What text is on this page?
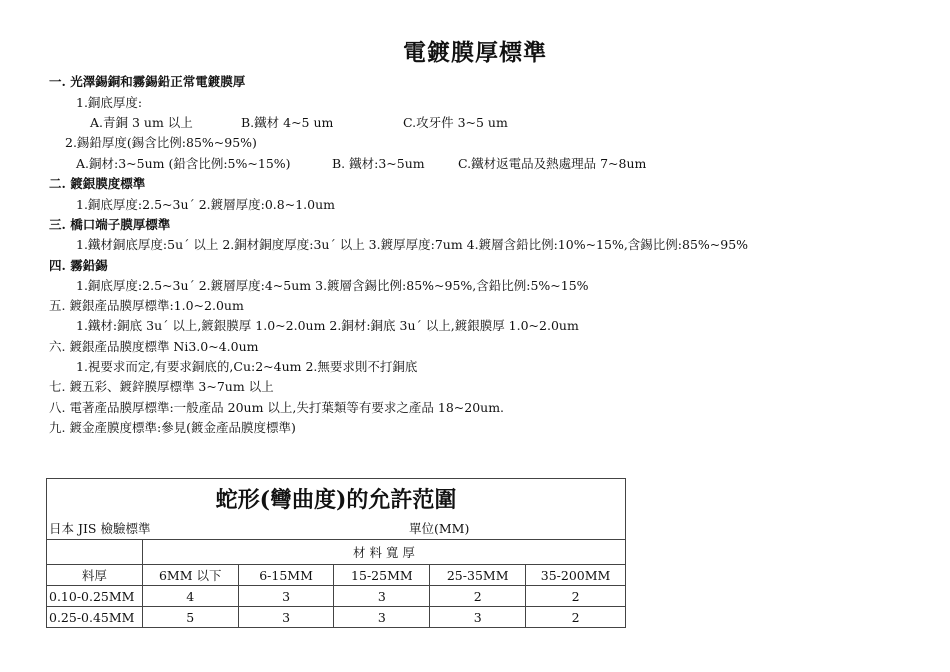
電鍍膜厚標準
一. 光澤錫銅和霧錫鉛正常電鍍膜厚
1.銅底厚度:
A.青銅 3 um 以上	B.鐵材 4~5 um	C.攻牙件 3~5 um
2.錫鉛厚度(錫含比例:85%~95%)
A.銅材:3~5um (鉛含比例:5%~15%)	B. 鐵材:3~5um	C.鐵材返電品及熱處理品 7~8um
二. 鍍銀膜度標準
1.銅底厚度:2.5~3uˊ 2.鍍層厚度:0.8~1.0um
三. 橋口端子膜厚標準
1.鐵材銅底厚度:5uˊ 以上 2.銅材銅度厚度:3uˊ 以上 3.鍍厚厚度:7um 4.鍍層含鉛比例:10%~15%,含錫比例:85%~95%
四. 霧鉛錫
1.銅底厚度:2.5~3uˊ 2.鍍層厚度:4~5um 3.鍍層含錫比例:85%~95%,含鉛比例:5%~15%
五. 鍍銀產品膜厚標準:1.0~2.0um
1.鐵材:銅底 3uˊ 以上,鍍銀膜厚 1.0~2.0um 2.銅材:銅底 3uˊ 以上,鍍銀膜厚 1.0~2.0um
六. 鍍銀產品膜度標準 Ni3.0~4.0um
1.視要求而定,有要求銅底的,Cu:2~4um 2.無要求則不打銅底
七. 鍍五彩、鍍鋅膜厚標準 3~7um 以上
八. 電著產品膜厚標準:一般產品 20um 以上,失打葉類等有要求之產品 18~20um.
九. 鍍金產膜度標準:參見(鍍金產品膜度標準)
蛇形(彎曲度)的允許范圍					
日本 JIS 檢驗標準 單位(MM)					

	材 料 寬 厚				
料厚	6MM 以下	6-15MM	15-25MM	25-35MM	35-200MM
0.10-0.25MM	4	3	3	2	2
0.25-0.45MM	5	3	3	3	2
